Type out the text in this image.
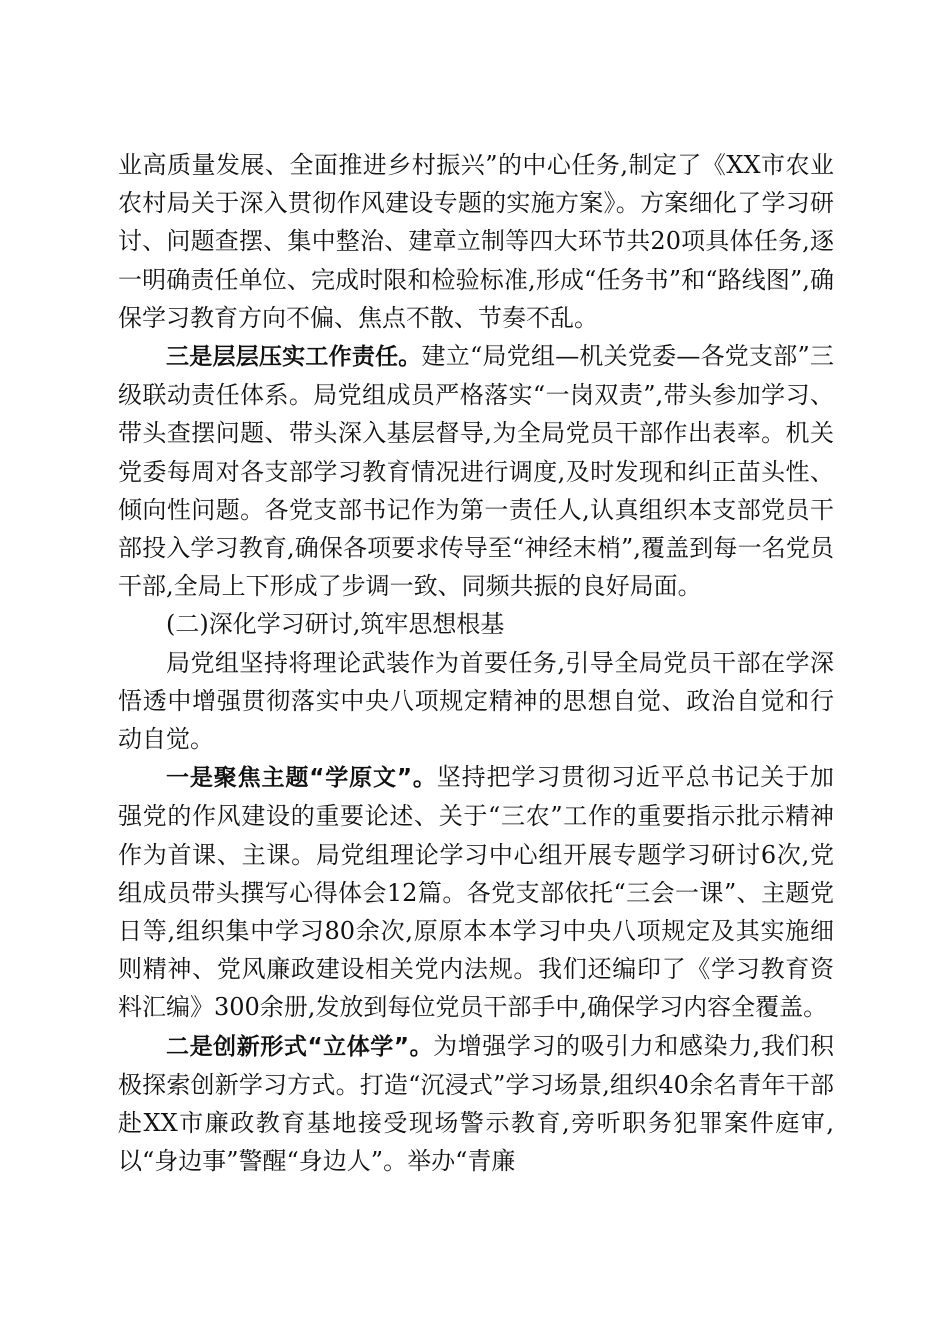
业高质量发展、全面推进乡村振兴”的中心任务,制定了《XX市农业农村局关于深入贯彻作风建设专题的实施方案》。方案细化了学习研讨、问题查摆、集中整治、建章立制等四大环节共20项具体任务,逐一明确责任单位、完成时限和检验标准,形成“任务书”和“路线图”,确保学习教育方向不偏、焦点不散、节奏不乱。

三是层层压实工作责任。建立“局党组—机关党委—各党支部”三级联动责任体系。局党组成员严格落实“一岗双责”,带头参加学习、带头查摆问题、带头深入基层督导,为全局党员干部作出表率。机关党委每周对各支部学习教育情况进行调度,及时发现和纠正苗头性、倾向性问题。各党支部书记作为第一责任人,认真组织本支部党员干部投入学习教育,确保各项要求传导至“神经末梢”,覆盖到每一名党员干部,全局上下形成了步调一致、同频共振的良好局面。

(二)深化学习研讨,筑牢思想根基

局党组坚持将理论武装作为首要任务,引导全局党员干部在学深悟透中增强贯彻落实中央八项规定精神的思想自觉、政治自觉和行动自觉。

一是聚焦主题“学原文”。坚持把学习贯彻习近平总书记关于加强党的作风建设的重要论述、关于“三农”工作的重要指示批示精神作为首课、主课。局党组理论学习中心组开展专题学习研讨6次,党组成员带头撰写心得体会12篇。各党支部依托“三会一课”、主题党日等,组织集中学习80余次,原原本本学习中央八项规定及其实施细则精神、党风廉政建设相关党内法规。我们还编印了《学习教育资料汇编》300余册,发放到每位党员干部手中,确保学习内容全覆盖。

二是创新形式“立体学”。为增强学习的吸引力和感染力,我们积极探索创新学习方式。打造“沉浸式”学习场景,组织40余名青年干部赴XX市廉政教育基地接受现场警示教育,旁听职务犯罪案件庭审,以“身边事”警醒“身边人”。举办“青廉
